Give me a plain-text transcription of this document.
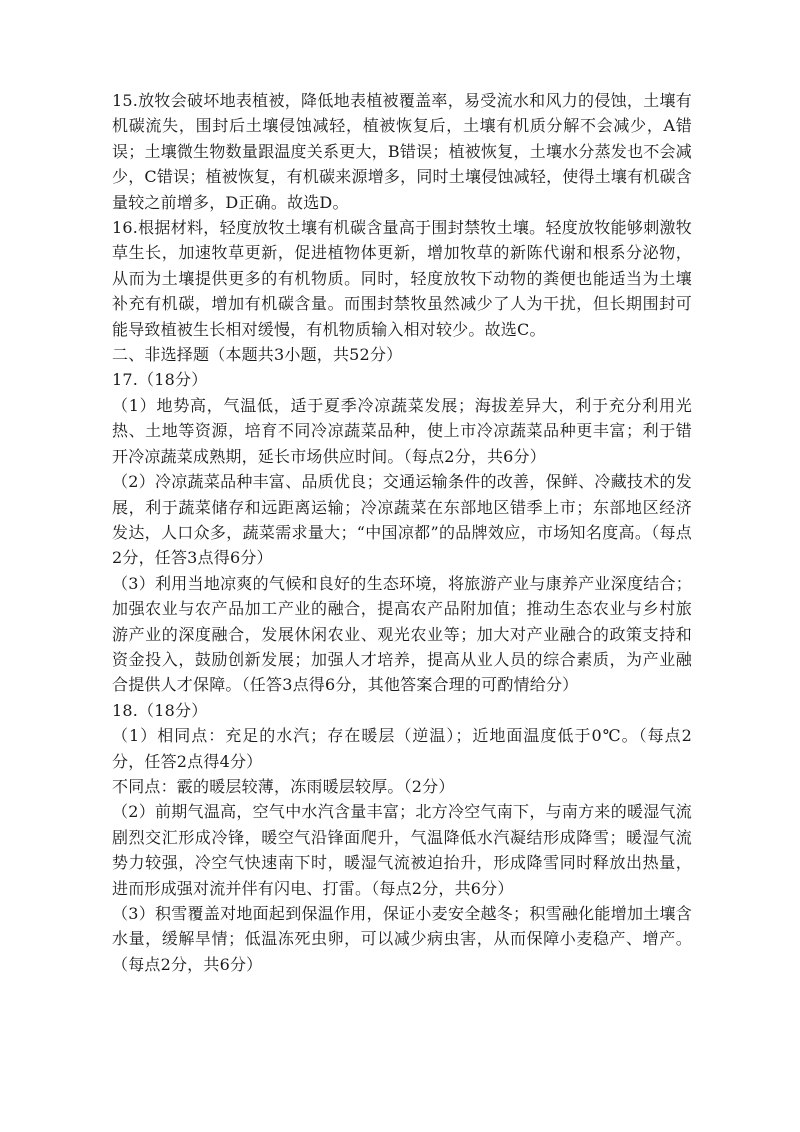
15.放牧会破坏地表植被，降低地表植被覆盖率，易受流水和风力的侵蚀，土壤有机碳流失，围封后土壤侵蚀减轻，植被恢复后，土壤有机质分解不会减少，A错误；土壤微生物数量跟温度关系更大，B错误；植被恢复，土壤水分蒸发也不会减少，C错误；植被恢复，有机碳来源增多，同时土壤侵蚀减轻，使得土壤有机碳含量较之前增多，D正确。故选D。

16.根据材料，轻度放牧土壤有机碳含量高于围封禁牧土壤。轻度放牧能够刺激牧草生长，加速牧草更新，促进植物体更新，增加牧草的新陈代谢和根系分泌物，从而为土壤提供更多的有机物质。同时，轻度放牧下动物的粪便也能适当为土壤补充有机碳，增加有机碳含量。而围封禁牧虽然减少了人为干扰，但长期围封可能导致植被生长相对缓慢，有机物质输入相对较少。故选C。

二、非选择题（本题共3小题，共52分）

17.（18分）

（1）地势高，气温低，适于夏季冷凉蔬菜发展；海拔差异大，利于充分利用光热、土地等资源，培育不同冷凉蔬菜品种，使上市冷凉蔬菜品种更丰富；利于错开冷凉蔬菜成熟期，延长市场供应时间。（每点2分，共6分）

（2）冷凉蔬菜品种丰富、品质优良；交通运输条件的改善，保鲜、冷藏技术的发展，利于蔬菜储存和远距离运输；冷凉蔬菜在东部地区错季上市；东部地区经济发达，人口众多，蔬菜需求量大；“中国凉都”的品牌效应，市场知名度高。（每点2分，任答3点得6分）

（3）利用当地凉爽的气候和良好的生态环境，将旅游产业与康养产业深度结合；加强农业与农产品加工产业的融合，提高农产品附加值；推动生态农业与乡村旅游产业的深度融合，发展休闲农业、观光农业等；加大对产业融合的政策支持和资金投入，鼓励创新发展；加强人才培养，提高从业人员的综合素质，为产业融合提供人才保障。（任答3点得6分，其他答案合理的可酌情给分）

18.（18分）

（1）相同点：充足的水汽；存在暖层（逆温）；近地面温度低于0℃。（每点2分，任答2点得4分）

不同点：霰的暖层较薄，冻雨暖层较厚。（2分）

（2）前期气温高，空气中水汽含量丰富；北方冷空气南下，与南方来的暖湿气流剧烈交汇形成冷锋，暖空气沿锋面爬升，气温降低水汽凝结形成降雪；暖湿气流势力较强，冷空气快速南下时，暖湿气流被迫抬升，形成降雪同时释放出热量，进而形成强对流并伴有闪电、打雷。（每点2分，共6分）

（3）积雪覆盖对地面起到保温作用，保证小麦安全越冬；积雪融化能增加土壤含水量，缓解旱情；低温冻死虫卵，可以减少病虫害，从而保障小麦稳产、增产。（每点2分，共6分）
